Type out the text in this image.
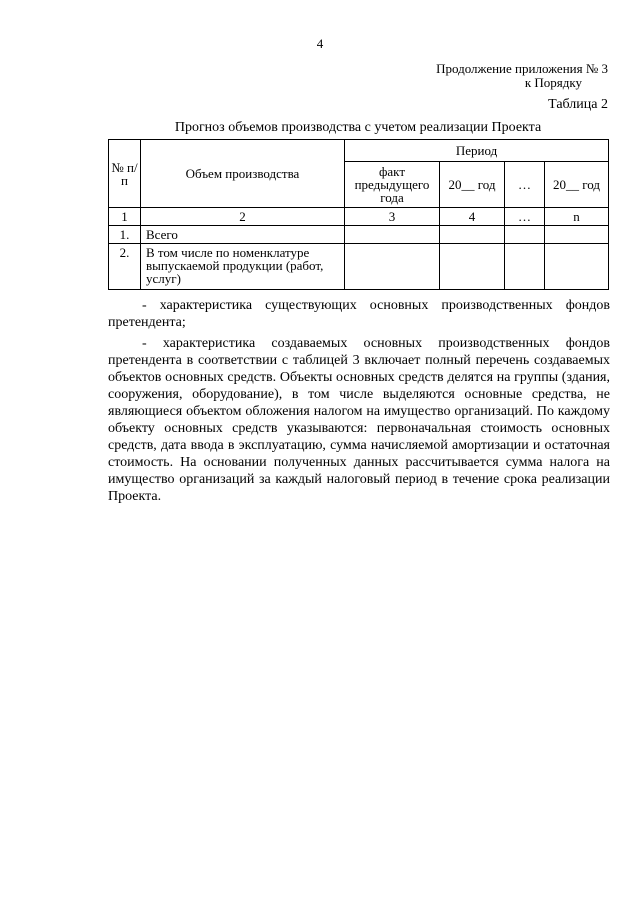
4
Продолжение приложения № 3
к Порядку
Таблица 2
Прогноз объемов производства с учетом реализации Проекта
№ п/п	Объем производства	Период			
		факт предыдущего года	20__ год	…	20__ год
1	2	3	4	…	n
1.	Всего				
2.	В том числе по номенклатуре выпускаемой продукции (работ, услуг)				
- характеристика существующих основных производственных фондов претендента;
- характеристика создаваемых основных производственных фондов претендента в соответствии с таблицей 3 включает полный перечень создаваемых объектов основных средств. Объекты основных средств делятся на группы (здания, сооружения, оборудование), в том числе выделяются основные средства, не являющиеся объектом обложения налогом на имущество организаций. По каждому объекту основных средств указываются: первоначальная стоимость основных средств, дата ввода в эксплуатацию, сумма начисляемой амортизации и остаточная стоимость. На основании полученных данных рассчитывается сумма налога на имущество организаций за каждый налоговый период в течение срока реализации Проекта.
